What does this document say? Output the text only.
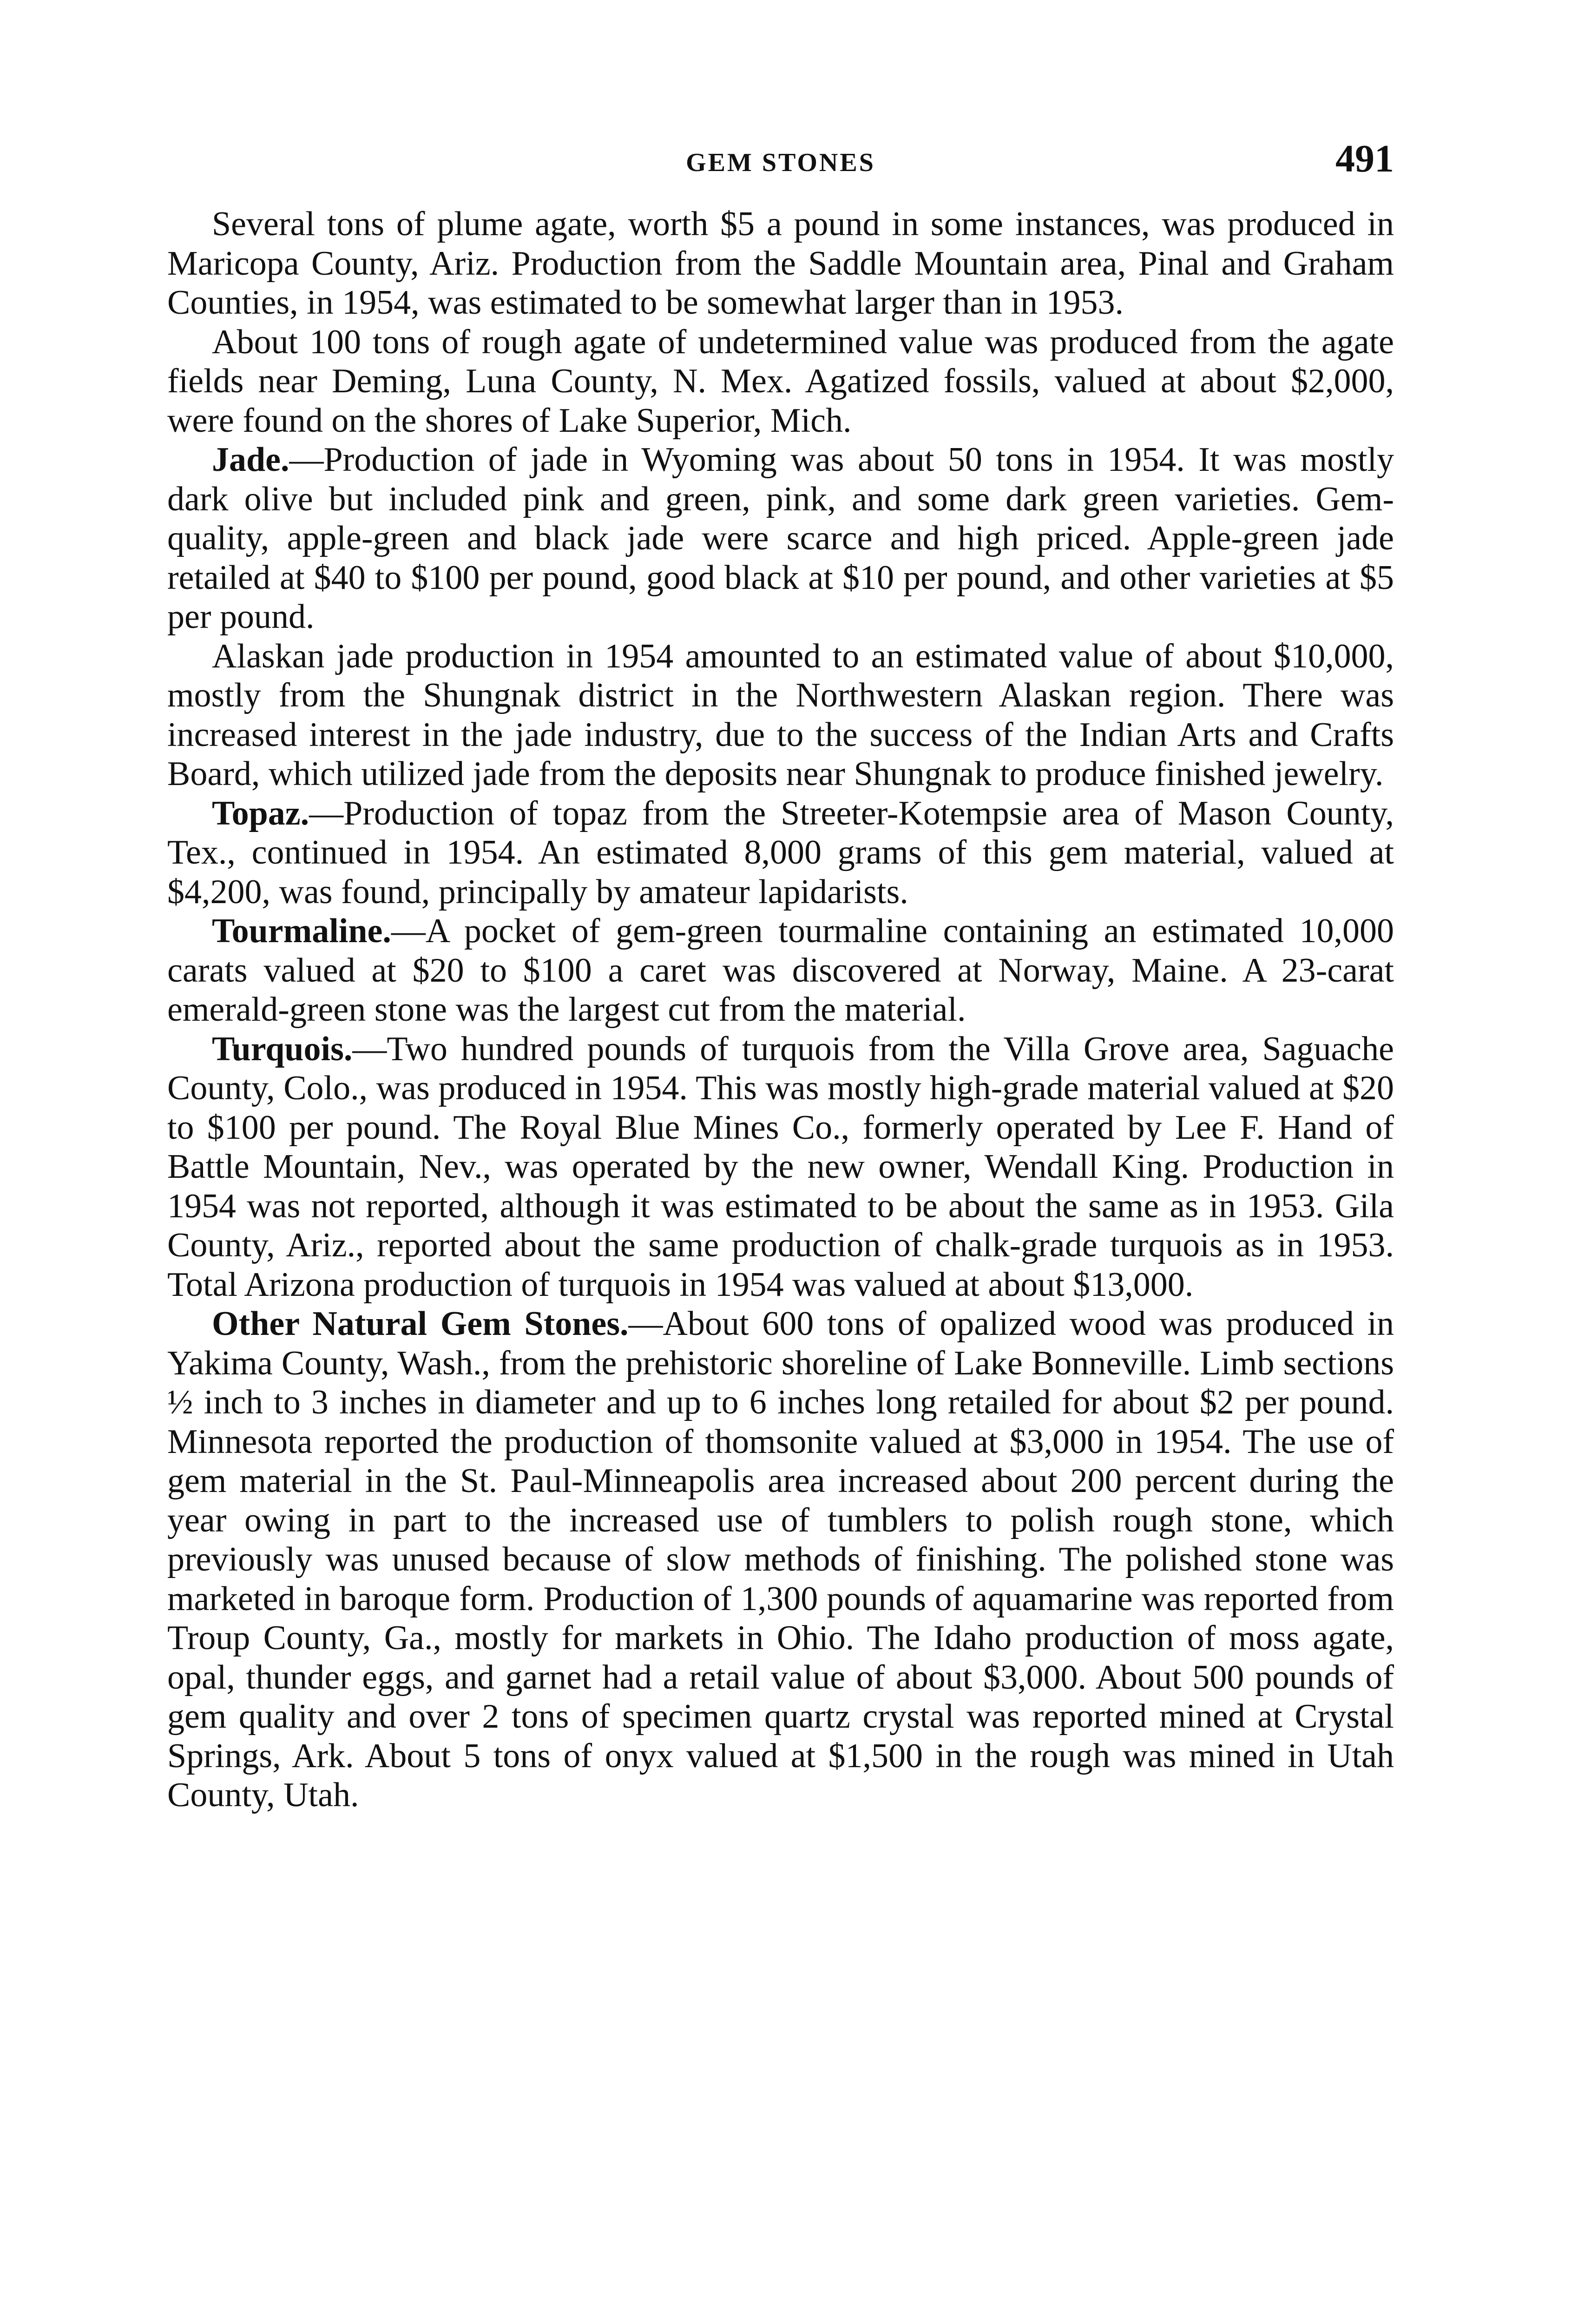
GEM STONES	491

Several tons of plume agate, worth $5 a pound in some instances, was produced in Maricopa County, Ariz. Production from the Saddle Mountain area, Pinal and Graham Counties, in 1954, was estimated to be somewhat larger than in 1953.

About 100 tons of rough agate of undetermined value was produced from the agate fields near Deming, Luna County, N. Mex. Agatized fossils, valued at about $2,000, were found on the shores of Lake Superior, Mich.

Jade.—Production of jade in Wyoming was about 50 tons in 1954. It was mostly dark olive but included pink and green, pink, and some dark green varieties. Gem-quality, apple-green and black jade were scarce and high priced. Apple-green jade retailed at $40 to $100 per pound, good black at $10 per pound, and other varieties at $5 per pound.

Alaskan jade production in 1954 amounted to an estimated value of about $10,000, mostly from the Shungnak district in the Northwestern Alaskan region. There was increased interest in the jade industry, due to the success of the Indian Arts and Crafts Board, which utilized jade from the deposits near Shungnak to produce finished jewelry.

Topaz.—Production of topaz from the Streeter-Kotempsie area of Mason County, Tex., continued in 1954. An estimated 8,000 grams of this gem material, valued at $4,200, was found, principally by amateur lapidarists.

Tourmaline.—A pocket of gem-green tourmaline containing an estimated 10,000 carats valued at $20 to $100 a caret was discovered at Norway, Maine. A 23-carat emerald-green stone was the largest cut from the material.

Turquois.—Two hundred pounds of turquois from the Villa Grove area, Saguache County, Colo., was produced in 1954. This was mostly high-grade material valued at $20 to $100 per pound. The Royal Blue Mines Co., formerly operated by Lee F. Hand of Battle Mountain, Nev., was operated by the new owner, Wendall King. Production in 1954 was not reported, although it was estimated to be about the same as in 1953. Gila County, Ariz., reported about the same production of chalk-grade turquois as in 1953. Total Arizona production of turquois in 1954 was valued at about $13,000.

Other Natural Gem Stones.—About 600 tons of opalized wood was produced in Yakima County, Wash., from the prehistoric shoreline of Lake Bonneville. Limb sections ½ inch to 3 inches in diameter and up to 6 inches long retailed for about $2 per pound. Minnesota reported the production of thomsonite valued at $3,000 in 1954. The use of gem material in the St. Paul-Minneapolis area increased about 200 percent during the year owing in part to the increased use of tumblers to polish rough stone, which previously was unused because of slow methods of finishing. The polished stone was marketed in baroque form. Production of 1,300 pounds of aquamarine was reported from Troup County, Ga., mostly for markets in Ohio. The Idaho production of moss agate, opal, thunder eggs, and garnet had a retail value of about $3,000. About 500 pounds of gem quality and over 2 tons of specimen quartz crystal was reported mined at Crystal Springs, Ark. About 5 tons of onyx valued at $1,500 in the rough was mined in Utah County, Utah.
